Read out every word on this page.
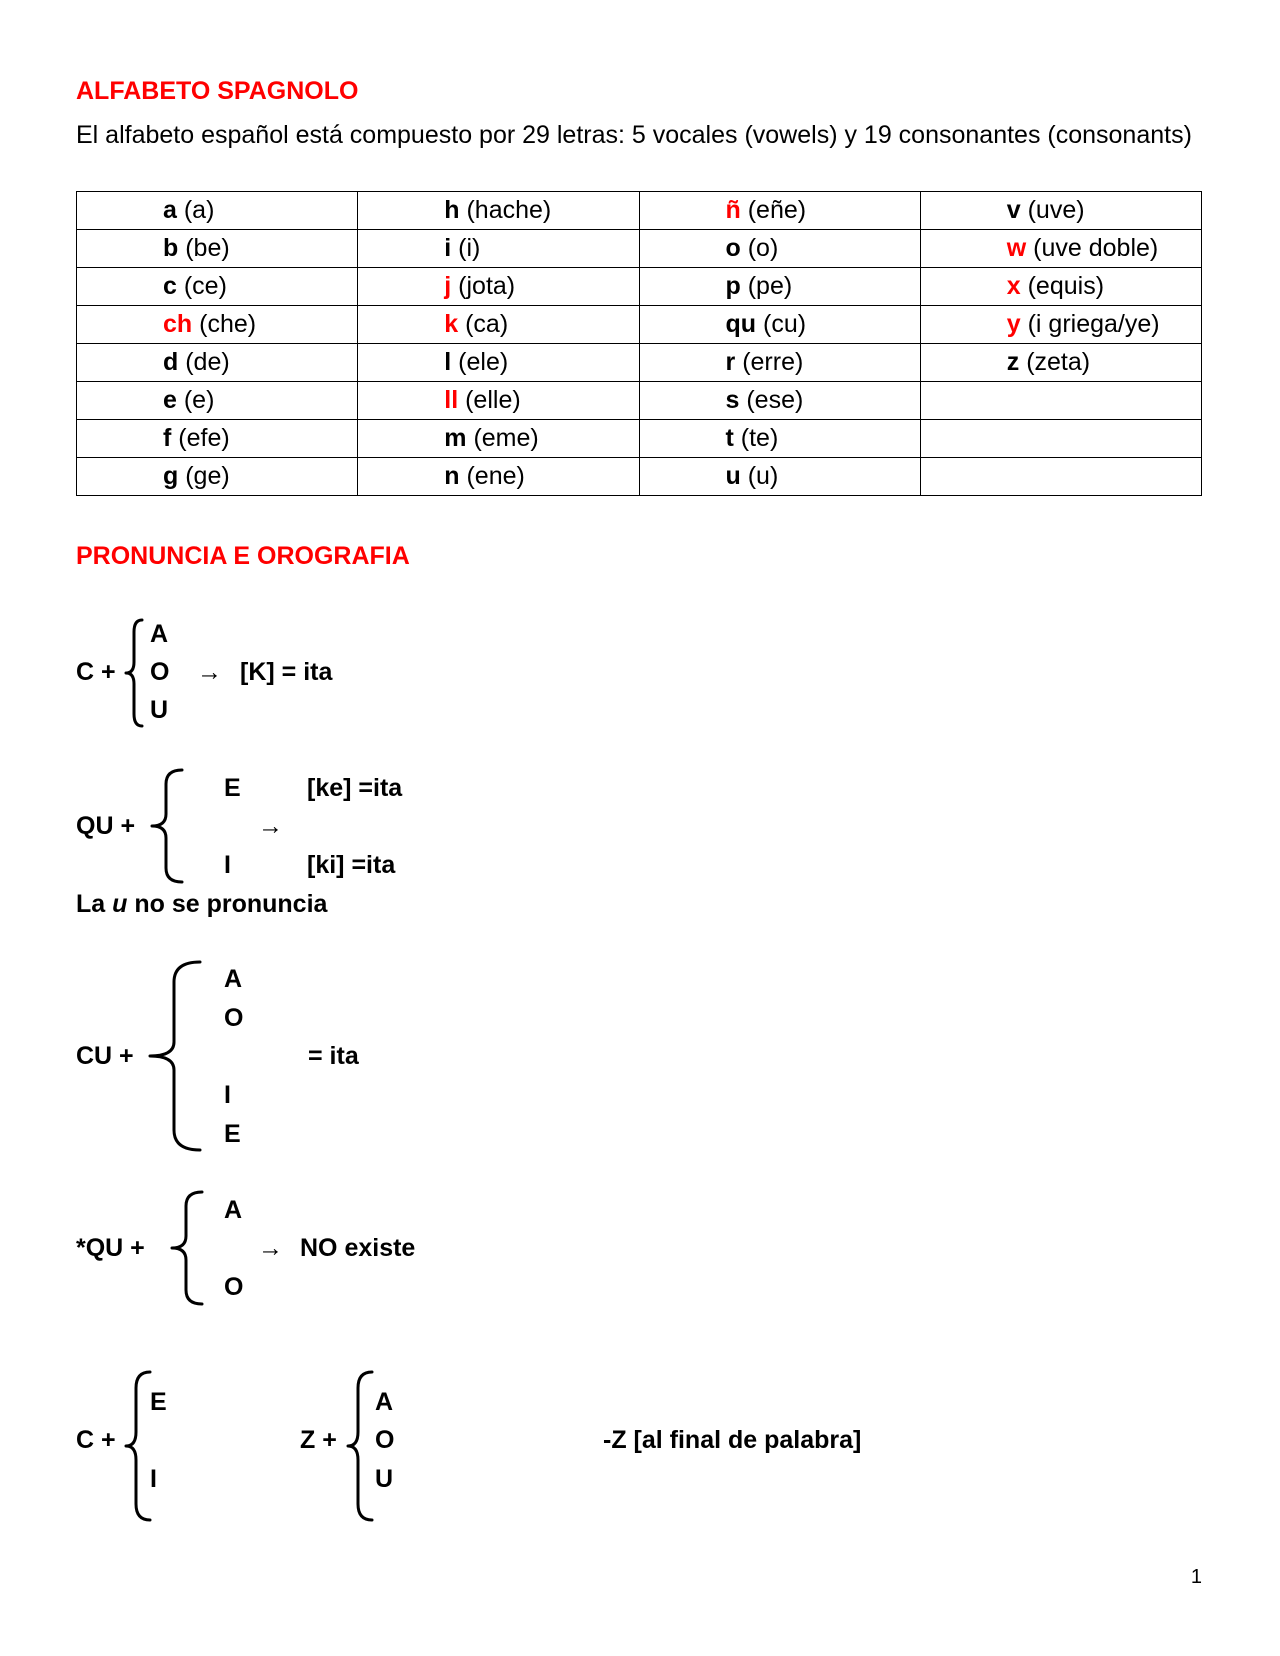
ALFABETO SPAGNOLO
El alfabeto español está compuesto por 29 letras: 5 vocales (vowels) y 19 consonantes (consonants)
a (a)	h (hache)	ñ (eñe)	v (uve)
b (be)	i (i)	o (o)	w (uve doble)
c (ce)	j (jota)	p (pe)	x (equis)
ch (che)	k (ca)	qu (cu)	y (i griega/ye)
d (de)	l (ele)	r (erre)	z (zeta)
e (e)	ll (elle)	s (ese)	
f (efe)	m (eme)	t (te)	
g (ge)	n (ene)	u (u)	
PRONUNCIA E OROGRAFIA
C +
A
O
U
→ [K] = ita
QU +
E
I
→
[ke] =ita
[ki] =ita
La u no se pronuncia
CU +
A
O
I
E
= ita
*QU +
A
O
→ NO existe
C +
E
I
Z +
A
O
U
-Z [al final de palabra]
1
